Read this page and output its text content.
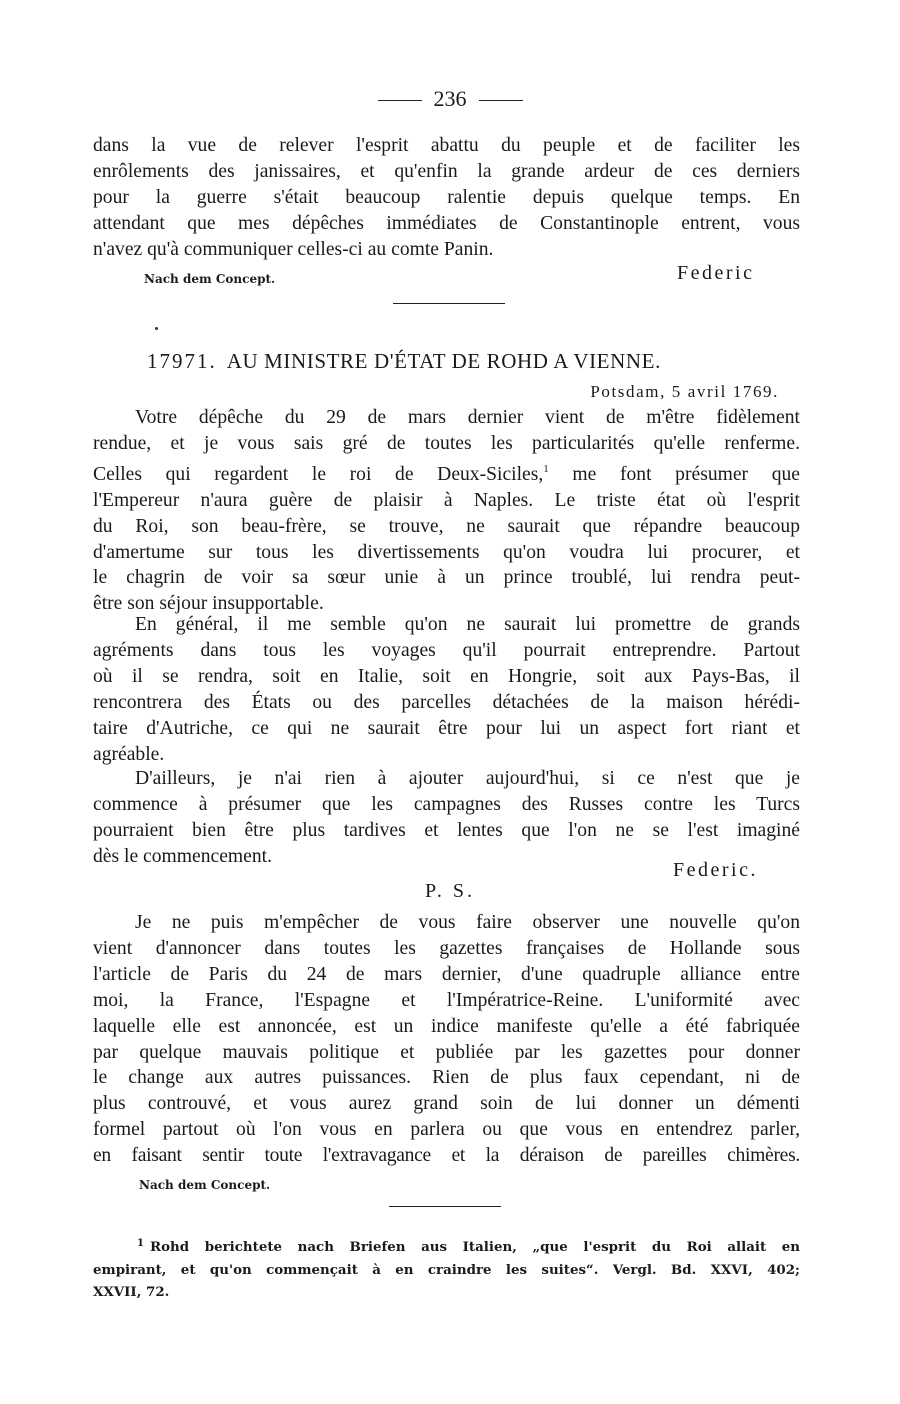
236

dans la vue de relever l'esprit abattu du peuple et de faciliter les

enrôlements des janissaires, et qu'enfin la grande ardeur de ces derniers

pour la guerre s'était beaucoup ralentie depuis quelque temps. En

attendant que mes dépêches immédiates de Constantinople entrent, vous

n'avez qu'à communiquer celles-ci au comte Panin.

Nach dem Concept.	Federic
17971. AU MINISTRE D'ÉTAT DE ROHD A VIENNE.
Potsdam, 5 avril 1769.

Votre dépêche du 29 de mars dernier vient de m'être fidèlement

rendue, et je vous sais gré de toutes les particularités qu'elle renferme.

Celles qui regardent le roi de Deux-Siciles,$^1$ me font présumer que

l'Empereur n'aura guère de plaisir à Naples. Le triste état où l'esprit

du Roi, son beau-frère, se trouve, ne saurait que répandre beaucoup

d'amertume sur tous les divertissements qu'on voudra lui procurer, et

le chagrin de voir sa sœur unie à un prince troublé, lui rendra peut-

être son séjour insupportable.

En général, il me semble qu'on ne saurait lui promettre de grands

agréments dans tous les voyages qu'il pourrait entreprendre. Partout

où il se rendra, soit en Italie, soit en Hongrie, soit aux Pays-Bas, il

rencontrera des États ou des parcelles détachées de la maison hérédi-

taire d'Autriche, ce qui ne saurait être pour lui un aspect fort riant et

agréable.

D'ailleurs, je n'ai rien à ajouter aujourd'hui, si ce n'est que je

commence à présumer que les campagnes des Russes contre les Turcs

pourraient bien être plus tardives et lentes que l'on ne se l'est imaginé

dès le commencement.

Federic.
P. S.

Je ne puis m'empêcher de vous faire observer une nouvelle qu'on

vient d'annoncer dans toutes les gazettes françaises de Hollande sous

l'article de Paris du 24 de mars dernier, d'une quadruple alliance entre

moi, la France, l'Espagne et l'Impératrice-Reine. L'uniformité avec

laquelle elle est annoncée, est un indice manifeste qu'elle a été fabriquée

par quelque mauvais politique et publiée par les gazettes pour donner

le change aux autres puissances. Rien de plus faux cependant, ni de

plus controuvé, et vous aurez grand soin de lui donner un démenti

formel partout où l'on vous en parlera ou que vous en entendrez parler,

en faisant sentir toute l'extravagance et la déraison de pareilles chimères.

Nach dem Concept.

$^1$ Rohd berichtete nach Briefen aus Italien, „que l'esprit du Roi allait en

empirant, et qu'on commençait à en craindre les suites“. Vergl. Bd. XXVI, 402;

XXVII, 72.
